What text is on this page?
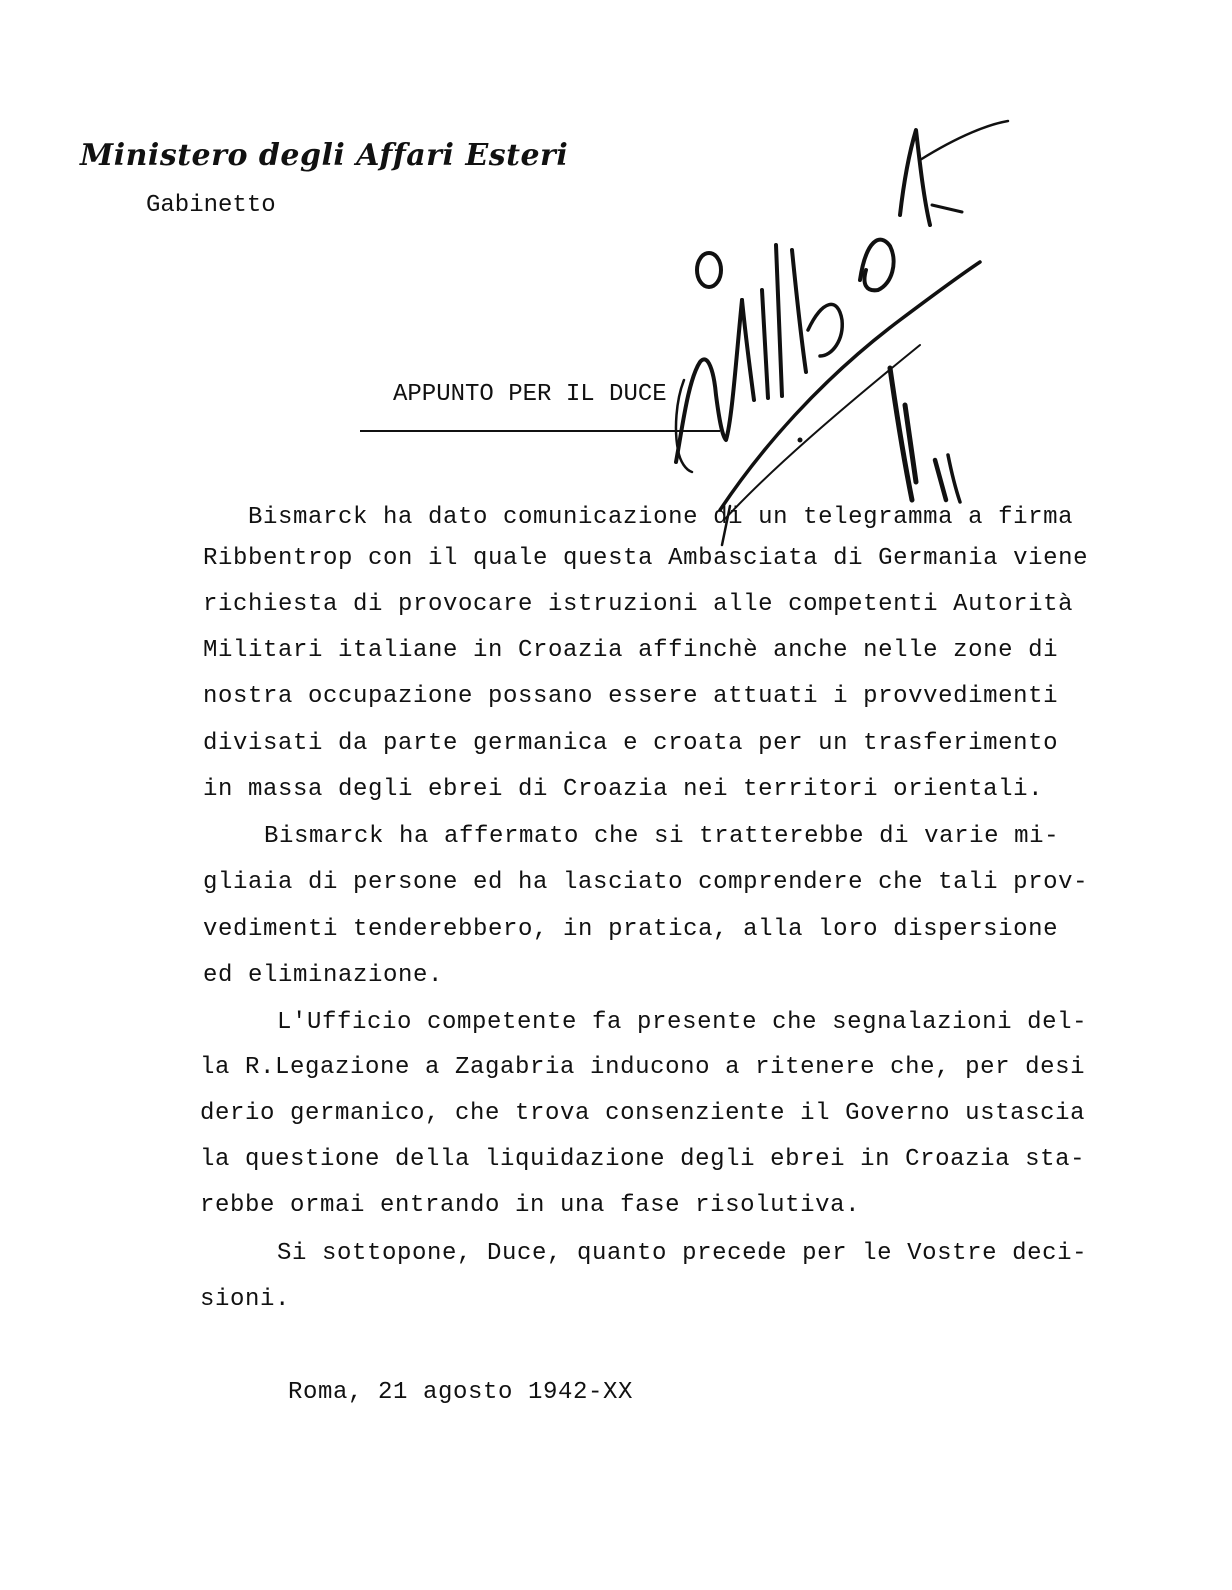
Ministero degli Affari Esteri
Gabinetto
APPUNTO PER IL DUCE
Bismarck ha dato comunicazione di un telegramma a firma
Ribbentrop con il quale questa Ambasciata di Germania viene
richiesta di provocare istruzioni alle competenti Autorità
Militari italiane in Croazia affinchè anche nelle zone di
nostra occupazione possano essere attuati i provvedimenti
divisati da parte germanica e croata per un trasferimento
in massa degli ebrei di Croazia nei territori orientali.
Bismarck ha affermato che si tratterebbe di varie mi-
gliaia di persone ed ha lasciato comprendere che tali prov-
vedimenti tenderebbero, in pratica, alla loro dispersione
ed eliminazione.
L'Ufficio competente fa presente che segnalazioni del-
la R.Legazione a Zagabria inducono a ritenere che, per desi
derio germanico, che trova consenziente il Governo ustascia
la questione della liquidazione degli ebrei in Croazia sta-
rebbe ormai entrando in una fase risolutiva.
Si sottopone, Duce, quanto precede per le Vostre deci-
sioni.
Roma, 21 agosto 1942-XX
